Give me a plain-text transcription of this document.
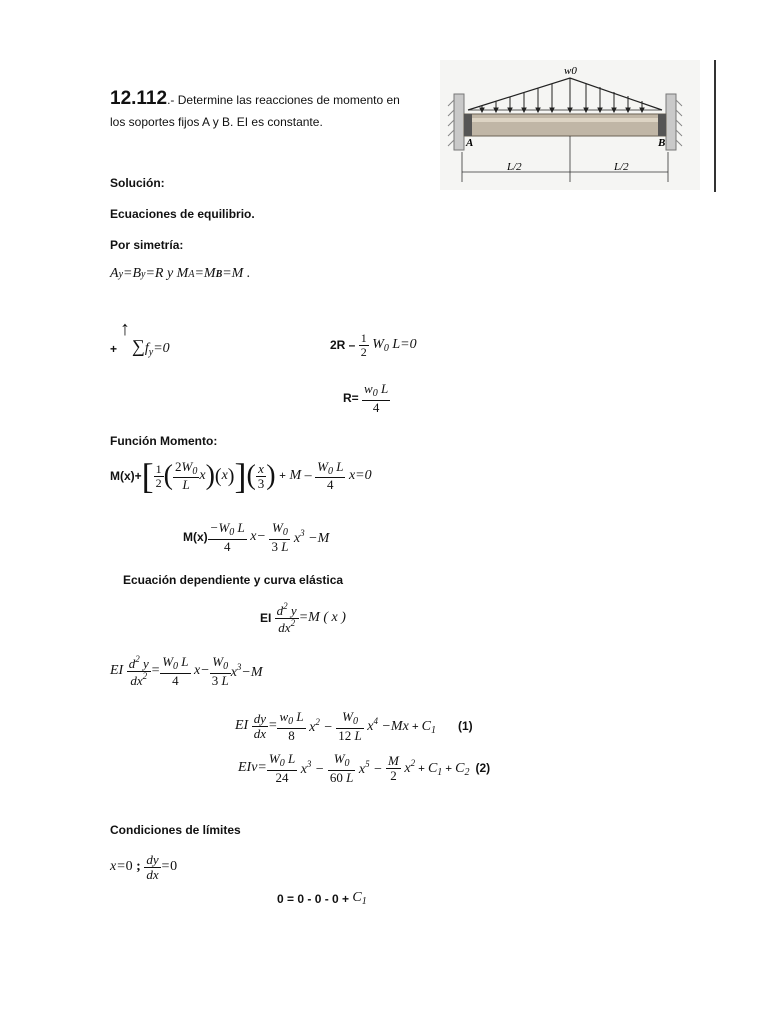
12.112.- Determine las reacciones de momento en
los soportes fijos A y B. EI es constante.
w0
A	B
L/2	L/2
Solución:
Ecuaciones de equilibrio.
Por simetría:
A y =B y =R y M A =M B =M .
+
↑
$\sum f_y=0$	$2R - \frac{1}{2} W_0$ L=0
$R= \frac{w_0 L}{4}$
Función Momento:
M(x)+ [ $\frac{1}{2}$ ( $\frac{2W_0}{L}$ x ) ( x ) ] ( $\frac{x}{3}$ ) + $M - \frac{W_0 L}{4} x=0$
$M(x) \frac{-W_0 L}{4} x- \frac{W_0}{3 L} x^3 -M$
Ecuación dependiente y curva elástica
EI $\frac{d^2 y}{dx^2} =M$ ( x )
EI $\frac{d^2 y}{dx^2} = \frac{W_0 L}{4} x- \frac{W_0}{3 L} x^3-M$
EI $\frac{dy}{dx} = \frac{w_0 L}{8} x^2 - \frac{W_0}{12 L} x^4 -Mx + C_1$ (1)
$EIv= \frac{W_0 L}{24} x^3 - \frac{W_0}{60 L} x^5 - \frac{M}{2} x^2 + C_1 + C_2$ (2)
Condiciones de límites
x=0 ; $\frac{dy}{dx} =0$
$0 = 0 - 0 - 0 + C_1$
